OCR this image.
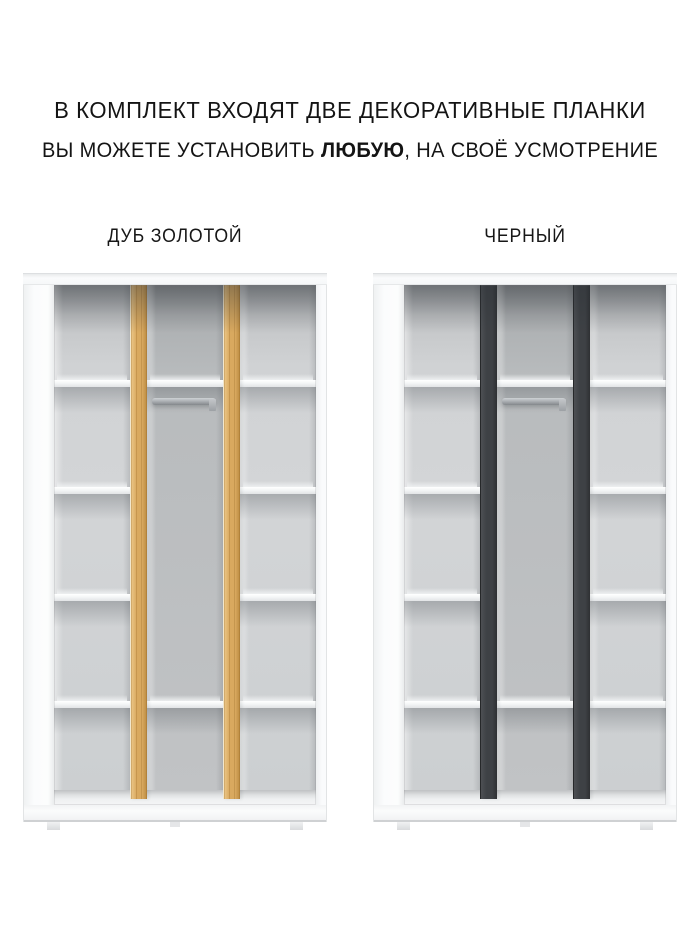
В КОМПЛЕКТ ВХОДЯТ ДВЕ ДЕКОРАТИВНЫЕ ПЛАНКИ
ВЫ МОЖЕТЕ УСТАНОВИТЬ ЛЮБУЮ, НА СВОЁ УСМОТРЕНИЕ
ДУБ ЗОЛОТОЙ	ЧЕРНЫЙ
